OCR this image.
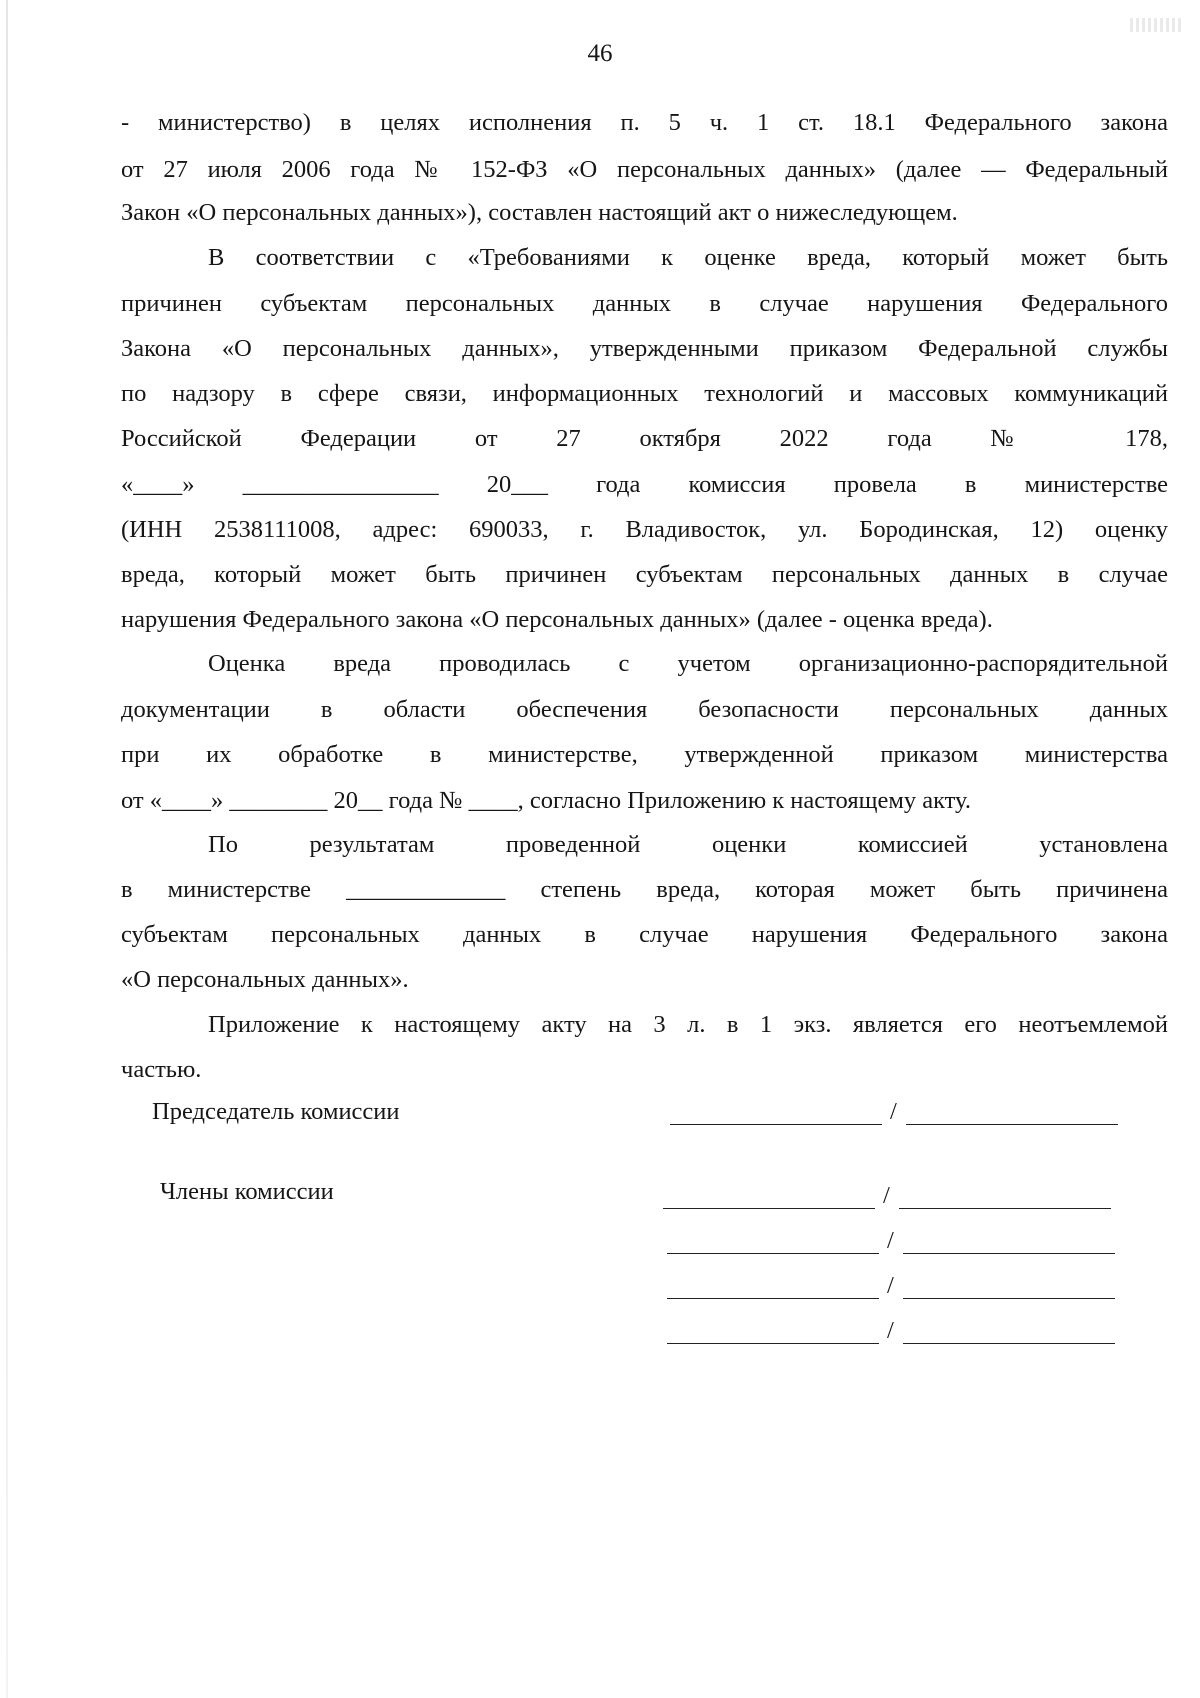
46
- министерство) в целях исполнения п. 5 ч. 1 ст. 18.1 Федерального закона
от 27 июля 2006 года № 152-ФЗ «О персональных данных» (далее — Федеральный
Закон «О персональных данных»), составлен настоящий акт о нижеследующем.
В соответствии с «Требованиями к оценке вреда, который может быть
причинен субъектам персональных данных в случае нарушения Федерального
Закона «О персональных данных», утвержденными приказом Федеральной службы
по надзору в сфере связи, информационных технологий и массовых коммуникаций
Российской Федерации от 27 октября 2022 года № 178,
«____» ________________ 20___ года комиссия провела в министерстве
(ИНН 2538111008, адрес: 690033, г. Владивосток, ул. Бородинская, 12) оценку
вреда, который может быть причинен субъектам персональных данных в случае
нарушения Федерального закона «О персональных данных» (далее - оценка вреда).
Оценка вреда проводилась с учетом организационно-распорядительной
документации в области обеспечения безопасности персональных данных
при их обработке в министерстве, утвержденной приказом министерства
от «____» ________ 20__ года № ____, согласно Приложению к настоящему акту.
По результатам проведенной оценки комиссией установлена
в министерстве _____________ степень вреда, которая может быть причинена
субъектам персональных данных в случае нарушения Федерального закона
«О персональных данных».
Приложение к настоящему акту на 3 л. в 1 экз. является его неотъемлемой
частью.
Председатель комиссии	/
Члены комиссии	/
/
/
/
